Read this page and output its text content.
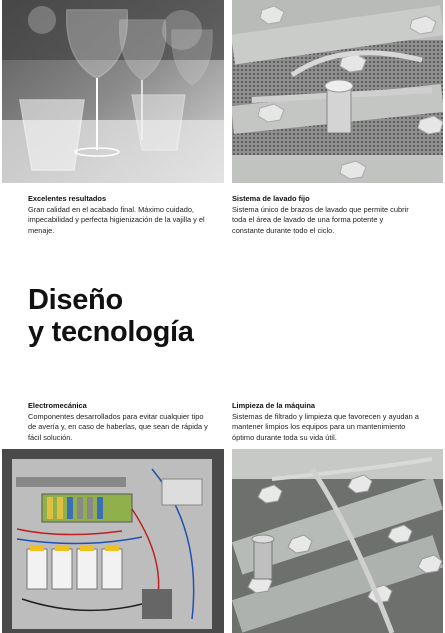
Excelentes resultados
Gran calidad en el acabado final. Máximo cuidado, impecabilidad y perfecta higienización de la vajilla y el menaje.
Sistema de lavado fijo
Sistema único de brazos de lavado que permite cubrir toda el área de lavado de una forma potente y constante durante todo el ciclo.
Diseño
y tecnología
Electromecánica
Componentes desarrollados para evitar cualquier tipo de avería y, en caso de haberlas, que sean de rápida y fácil solución.
Limpieza de la máquina
Sistemas de filtrado y limpieza que favorecen y ayudan a mantener limpios los equipos para un mantenimiento óptimo durante toda su vida útil.
